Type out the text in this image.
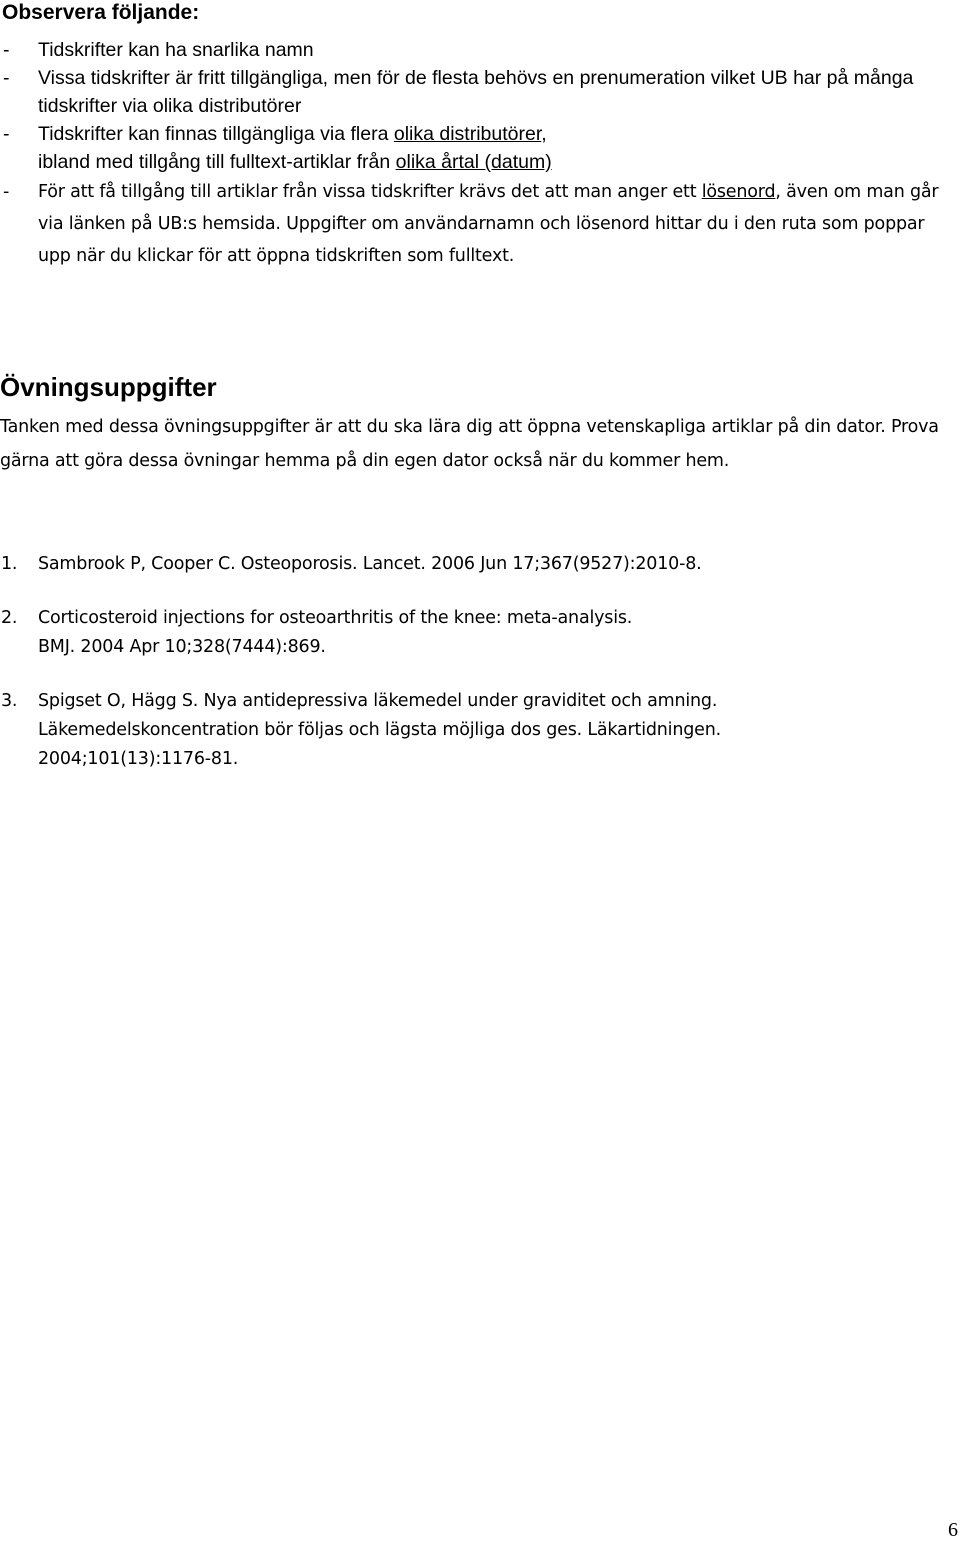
Observera följande:
- Tidskrifter kan ha snarlika namn
- Vissa tidskrifter är fritt tillgängliga, men för de flesta behövs en prenumeration vilket UB har på många tidskrifter via olika distributörer
- Tidskrifter kan finnas tillgängliga via flera olika distributörer,
ibland med tillgång till fulltext-artiklar från olika årtal (datum)
- För att få tillgång till artiklar från vissa tidskrifter krävs det att man anger ett lösenord, även om man går via länken på UB:s hemsida. Uppgifter om användarnamn och lösenord hittar du i den ruta som poppar upp när du klickar för att öppna tidskriften som fulltext.
Övningsuppgifter
Tanken med dessa övningsuppgifter är att du ska lära dig att öppna vetenskapliga artiklar på din dator. Prova gärna att göra dessa övningar hemma på din egen dator också när du kommer hem.
1. Sambrook P, Cooper C. Osteoporosis. Lancet. 2006 Jun 17;367(9527):2010-8.
2. Corticosteroid injections for osteoarthritis of the knee: meta-analysis.
BMJ. 2004 Apr 10;328(7444):869.
3. Spigset O, Hägg S. Nya antidepressiva läkemedel under graviditet och amning.
Läkemedelskoncentration bör följas och lägsta möjliga dos ges. Läkartidningen.
2004;101(13):1176-81.
6
